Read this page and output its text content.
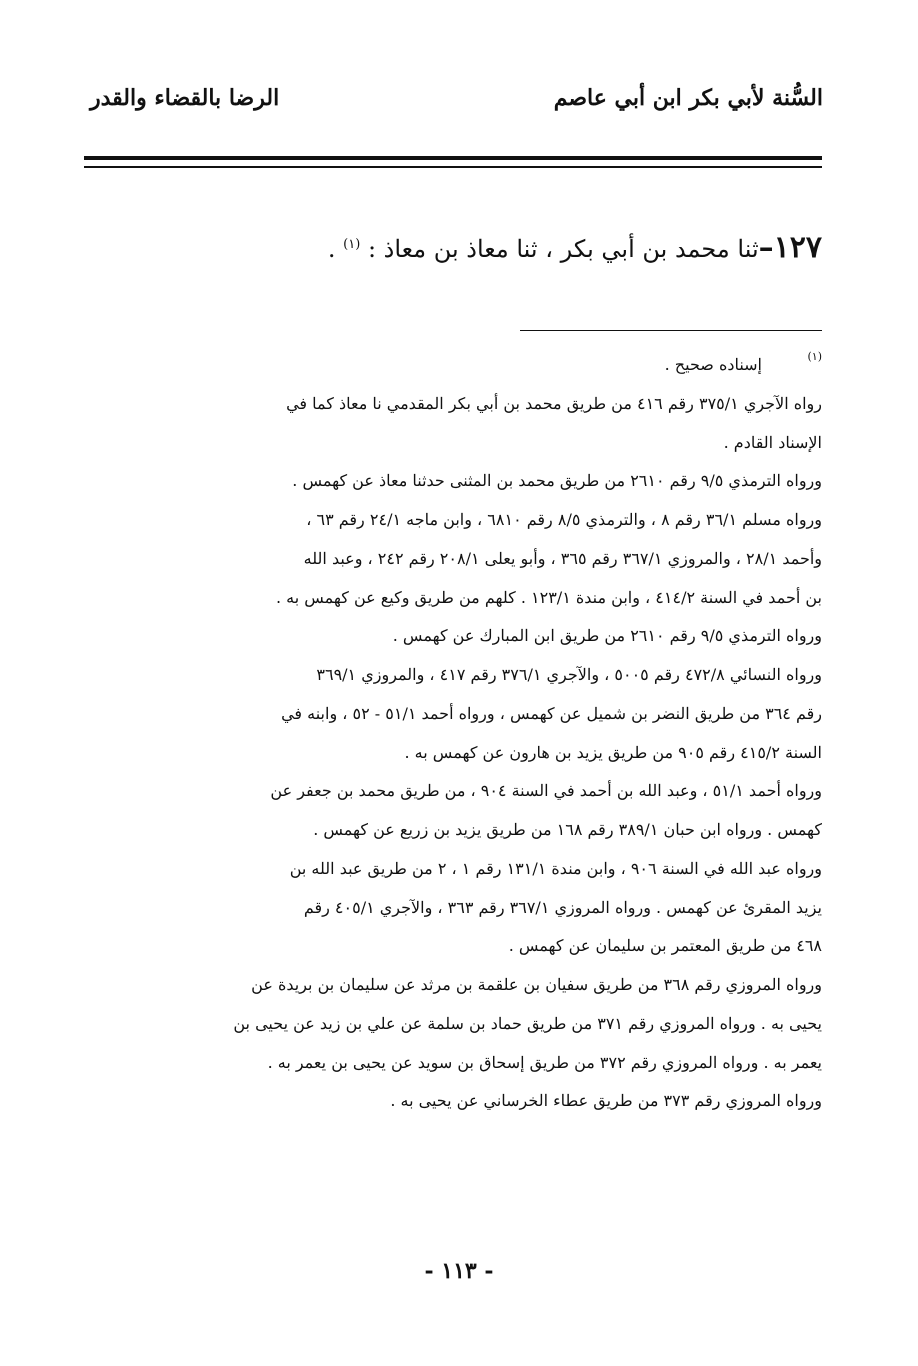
السُّنة لأبي بكر ابن أبي عاصم
الرضا بالقضاء والقدر
١٢٧–ثنا محمد بن أبي بكر ، ثنا معاذ بن معاذ : $^{(١)}$ .
(١)
إسناده صحيح .
رواه الآجري ٣٧٥/١ رقم ٤١٦ من طريق محمد بن أبي بكر المقدمي نا معاذ كما في
الإسناد القادم .
ورواه الترمذي ٩/٥ رقم ٢٦١٠ من طريق محمد بن المثنى حدثنا معاذ عن كهمس .
ورواه مسلم ٣٦/١ رقم ٨ ، والترمذي ٨/٥ رقم ٦٨١٠ ، وابن ماجه ٢٤/١ رقم ٦٣ ،
وأحمد ٢٨/١ ، والمروزي ٣٦٧/١ رقم ٣٦٥ ، وأبو يعلى ٢٠٨/١ رقم ٢٤٢ ، وعبد الله
بن أحمد في السنة ٤١٤/٢ ، وابن مندة ١٢٣/١ . كلهم من طريق وكيع عن كهمس به .
ورواه الترمذي ٩/٥ رقم ٢٦١٠ من طريق ابن المبارك عن كهمس .
ورواه النسائي ٤٧٢/٨ رقم ٥٠٠٥ ، والآجري ٣٧٦/١ رقم ٤١٧ ، والمروزي ٣٦٩/١
رقم ٣٦٤ من طريق النضر بن شميل عن كهمس ، ورواه أحمد ٥١/١ - ٥٢ ، وابنه في
السنة ٤١٥/٢ رقم ٩٠٥ من طريق يزيد بن هارون عن كهمس به .
ورواه أحمد ٥١/١ ، وعبد الله بن أحمد في السنة ٩٠٤ ، من طريق محمد بن جعفر عن
كهمس . ورواه ابن حبان ٣٨٩/١ رقم ١٦٨ من طريق يزيد بن زريع عن كهمس .
ورواه عبد الله في السنة ٩٠٦ ، وابن مندة ١٣١/١ رقم ١ ، ٢ من طريق عبد الله بن
يزيد المقرئ عن كهمس . ورواه المروزي ٣٦٧/١ رقم ٣٦٣ ، والآجري ٤٠٥/١ رقم
٤٦٨ من طريق المعتمر بن سليمان عن كهمس .
ورواه المروزي رقم ٣٦٨ من طريق سفيان بن علقمة بن مرثد عن سليمان بن بريدة عن
يحيى به . ورواه المروزي رقم ٣٧١ من طريق حماد بن سلمة عن علي بن زيد عن يحيى بن
يعمر به . ورواه المروزي رقم ٣٧٢ من طريق إسحاق بن سويد عن يحيى بن يعمر به .
ورواه المروزي رقم ٣٧٣ من طريق عطاء الخرساني عن يحيى به .
- ١١٣ -
